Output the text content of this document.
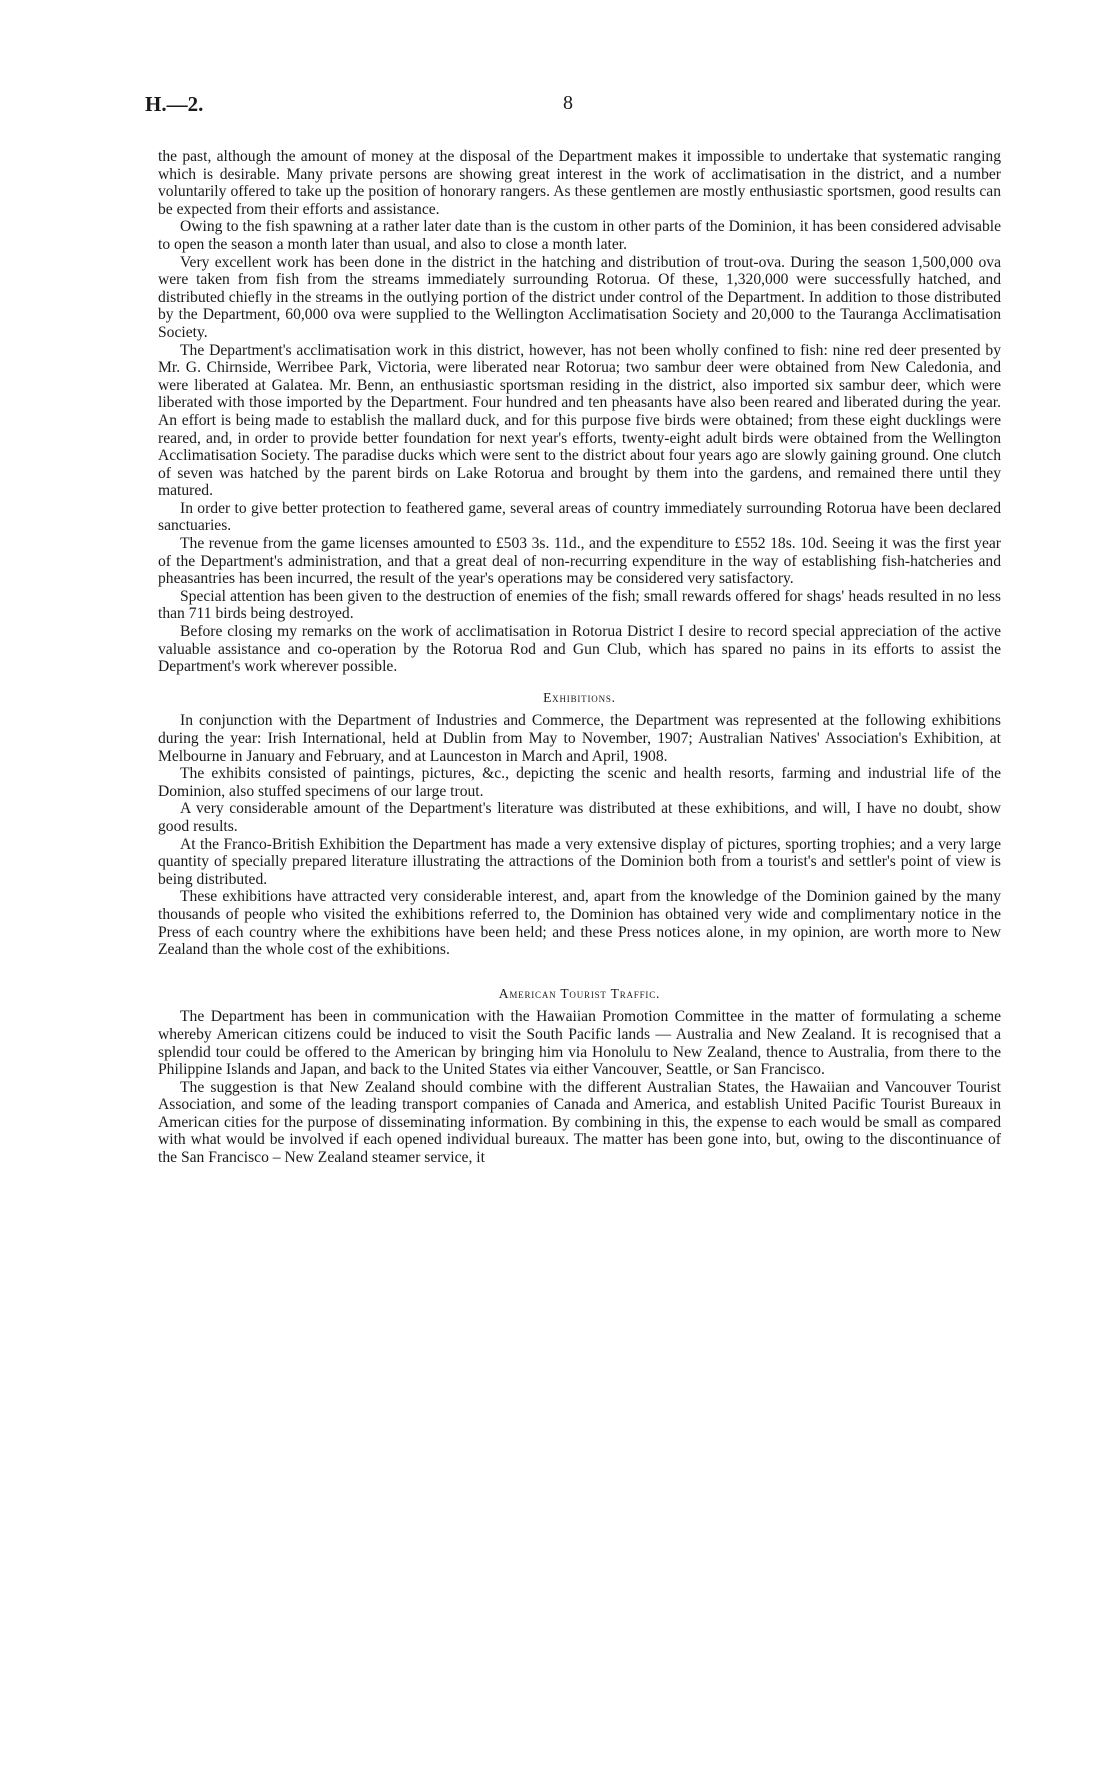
H.—2.	8

the past, although the amount of money at the disposal of the Department makes it impossible to undertake that systematic ranging which is desirable. Many private persons are showing great interest in the work of acclimatisation in the district, and a number voluntarily offered to take up the position of honorary rangers. As these gentlemen are mostly enthusiastic sportsmen, good results can be expected from their efforts and assistance.

Owing to the fish spawning at a rather later date than is the custom in other parts of the Dominion, it has been considered advisable to open the season a month later than usual, and also to close a month later.

Very excellent work has been done in the district in the hatching and distribution of trout-ova. During the season 1,500,000 ova were taken from fish from the streams immediately surrounding Rotorua. Of these, 1,320,000 were successfully hatched, and distributed chiefly in the streams in the outlying portion of the district under control of the Department. In addition to those distributed by the Department, 60,000 ova were supplied to the Wellington Acclimatisation Society and 20,000 to the Tauranga Acclimatisation Society.

The Department's acclimatisation work in this district, however, has not been wholly confined to fish: nine red deer presented by Mr. G. Chirnside, Werribee Park, Victoria, were liberated near Rotorua; two sambur deer were obtained from New Caledonia, and were liberated at Galatea. Mr. Benn, an enthusiastic sportsman residing in the district, also imported six sambur deer, which were liberated with those imported by the Department. Four hundred and ten pheasants have also been reared and liberated during the year. An effort is being made to establish the mallard duck, and for this purpose five birds were obtained; from these eight ducklings were reared, and, in order to provide better foundation for next year's efforts, twenty-eight adult birds were obtained from the Wellington Acclimatisation Society. The paradise ducks which were sent to the district about four years ago are slowly gaining ground. One clutch of seven was hatched by the parent birds on Lake Rotorua and brought by them into the gardens, and remained there until they matured.

In order to give better protection to feathered game, several areas of country immediately surrounding Rotorua have been declared sanctuaries.

The revenue from the game licenses amounted to £503 3s. 11d., and the expenditure to £552 18s. 10d. Seeing it was the first year of the Department's administration, and that a great deal of non-recurring expenditure in the way of establishing fish-hatcheries and pheasantries has been incurred, the result of the year's operations may be considered very satisfactory.

Special attention has been given to the destruction of enemies of the fish; small rewards offered for shags' heads resulted in no less than 711 birds being destroyed.

Before closing my remarks on the work of acclimatisation in Rotorua District I desire to record special appreciation of the active valuable assistance and co-operation by the Rotorua Rod and Gun Club, which has spared no pains in its efforts to assist the Department's work wherever possible.

Exhibitions.

In conjunction with the Department of Industries and Commerce, the Department was represented at the following exhibitions during the year: Irish International, held at Dublin from May to November, 1907; Australian Natives' Association's Exhibition, at Melbourne in January and February, and at Launceston in March and April, 1908.

The exhibits consisted of paintings, pictures, &c., depicting the scenic and health resorts, farming and industrial life of the Dominion, also stuffed specimens of our large trout.

A very considerable amount of the Department's literature was distributed at these exhibitions, and will, I have no doubt, show good results.

At the Franco-British Exhibition the Department has made a very extensive display of pictures, sporting trophies; and a very large quantity of specially prepared literature illustrating the attractions of the Dominion both from a tourist's and settler's point of view is being distributed.

These exhibitions have attracted very considerable interest, and, apart from the knowledge of the Dominion gained by the many thousands of people who visited the exhibitions referred to, the Dominion has obtained very wide and complimentary notice in the Press of each country where the exhibitions have been held; and these Press notices alone, in my opinion, are worth more to New Zealand than the whole cost of the exhibitions.

American Tourist Traffic.

The Department has been in communication with the Hawaiian Promotion Committee in the matter of formulating a scheme whereby American citizens could be induced to visit the South Pacific lands — Australia and New Zealand. It is recognised that a splendid tour could be offered to the American by bringing him via Honolulu to New Zealand, thence to Australia, from there to the Philippine Islands and Japan, and back to the United States via either Vancouver, Seattle, or San Francisco.

The suggestion is that New Zealand should combine with the different Australian States, the Hawaiian and Vancouver Tourist Association, and some of the leading transport companies of Canada and America, and establish United Pacific Tourist Bureaux in American cities for the purpose of disseminating information. By combining in this, the expense to each would be small as compared with what would be involved if each opened individual bureaux. The matter has been gone into, but, owing to the discontinuance of the San Francisco – New Zealand steamer service, it
